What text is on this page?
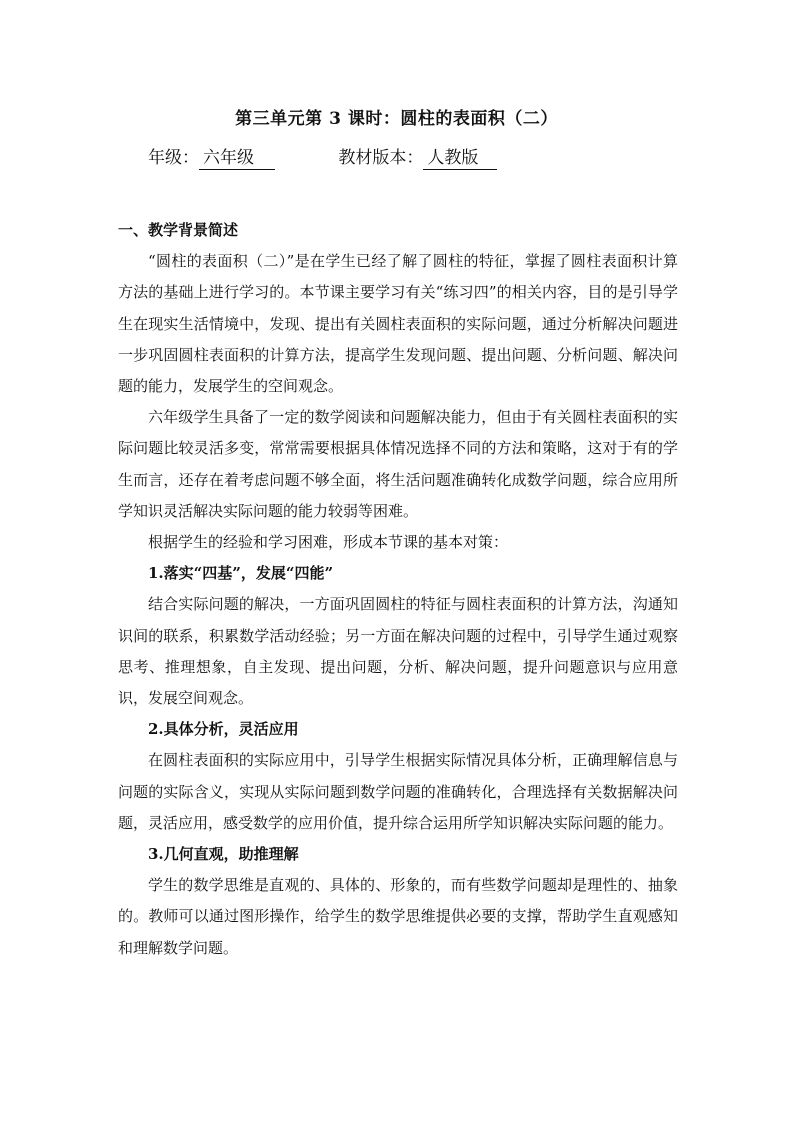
第三单元第 3 课时：圆柱的表面积（二）
年级： 六年级	教材版本： 人教版
一、教学背景简述

“圆柱的表面积（二）”是在学生已经了解了圆柱的特征，掌握了圆柱表面积计算方法的基础上进行学习的。本节课主要学习有关“练习四”的相关内容，目的是引导学生在现实生活情境中，发现、提出有关圆柱表面积的实际问题，通过分析解决问题进一步巩固圆柱表面积的计算方法，提高学生发现问题、提出问题、分析问题、解决问题的能力，发展学生的空间观念。

六年级学生具备了一定的数学阅读和问题解决能力，但由于有关圆柱表面积的实际问题比较灵活多变，常常需要根据具体情况选择不同的方法和策略，这对于有的学生而言，还存在着考虑问题不够全面，将生活问题准确转化成数学问题，综合应用所学知识灵活解决实际问题的能力较弱等困难。

根据学生的经验和学习困难，形成本节课的基本对策：

1.落实“四基”，发展“四能”

结合实际问题的解决，一方面巩固圆柱的特征与圆柱表面积的计算方法，沟通知识间的联系，积累数学活动经验；另一方面在解决问题的过程中，引导学生通过观察思考、推理想象，自主发现、提出问题，分析、解决问题，提升问题意识与应用意识，发展空间观念。

2.具体分析，灵活应用

在圆柱表面积的实际应用中，引导学生根据实际情况具体分析，正确理解信息与问题的实际含义，实现从实际问题到数学问题的准确转化，合理选择有关数据解决问题，灵活应用，感受数学的应用价值，提升综合运用所学知识解决实际问题的能力。

3.几何直观，助推理解

学生的数学思维是直观的、具体的、形象的，而有些数学问题却是理性的、抽象的。教师可以通过图形操作，给学生的数学思维提供必要的支撑，帮助学生直观感知和理解数学问题。
